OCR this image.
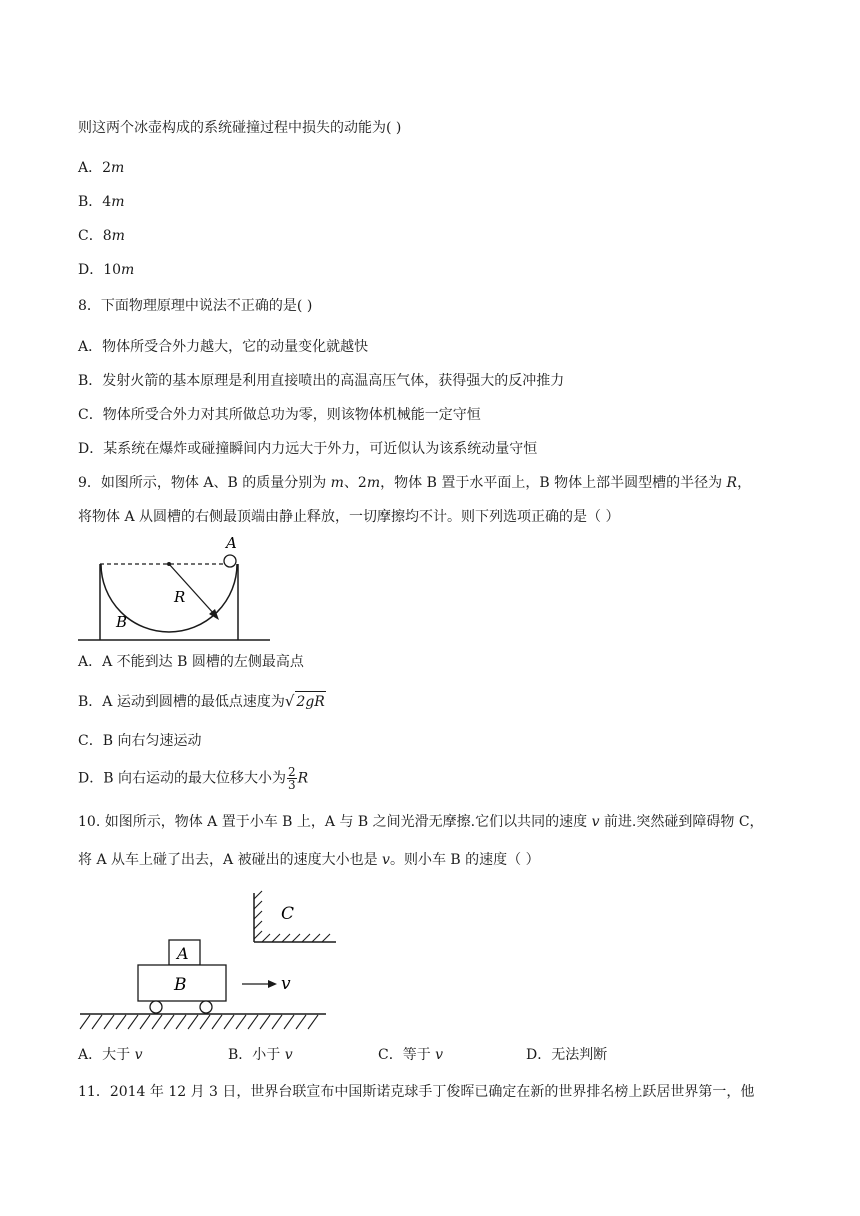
则这两个冰壶构成的系统碰撞过程中损失的动能为( )
A．2m
B．4m
C．8m
D．10m
8．下面物理原理中说法不正确的是( )
A．物体所受合外力越大，它的动量变化就越快
B．发射火箭的基本原理是利用直接喷出的高温高压气体，获得强大的反冲推力
C．物体所受合外力对其所做总功为零，则该物体机械能一定守恒
D．某系统在爆炸或碰撞瞬间内力远大于外力，可近似认为该系统动量守恒
9．如图所示，物体 A、B 的质量分别为 m、2m，物体 B 置于水平面上，B 物体上部半圆型槽的半径为 R，
将物体 A 从圆槽的右侧最顶端由静止释放，一切摩擦均不计。则下列选项正确的是（ ）
A
R
B
A．A 不能到达 B 圆槽的左侧最高点
B．A 运动到圆槽的最低点速度为√ 2gR
C．B 向右匀速运动
D．B 向右运动的最大位移大小为 $\frac{2}{3}$ R
10. 如图所示，物体 A 置于小车 B 上，A 与 B 之间光滑无摩擦.它们以共同的速度 v 前进.突然碰到障碍物 C，
将 A 从车上碰了出去，A 被碰出的速度大小也是 v。则小车 B 的速度（ ）
C
A
B	v
A．大于 v	B．小于 v	C．等于 v	D．无法判断
11．2014 年 12 月 3 日，世界台联宣布中国斯诺克球手丁俊晖已确定在新的世界排名榜上跃居世界第一，他
